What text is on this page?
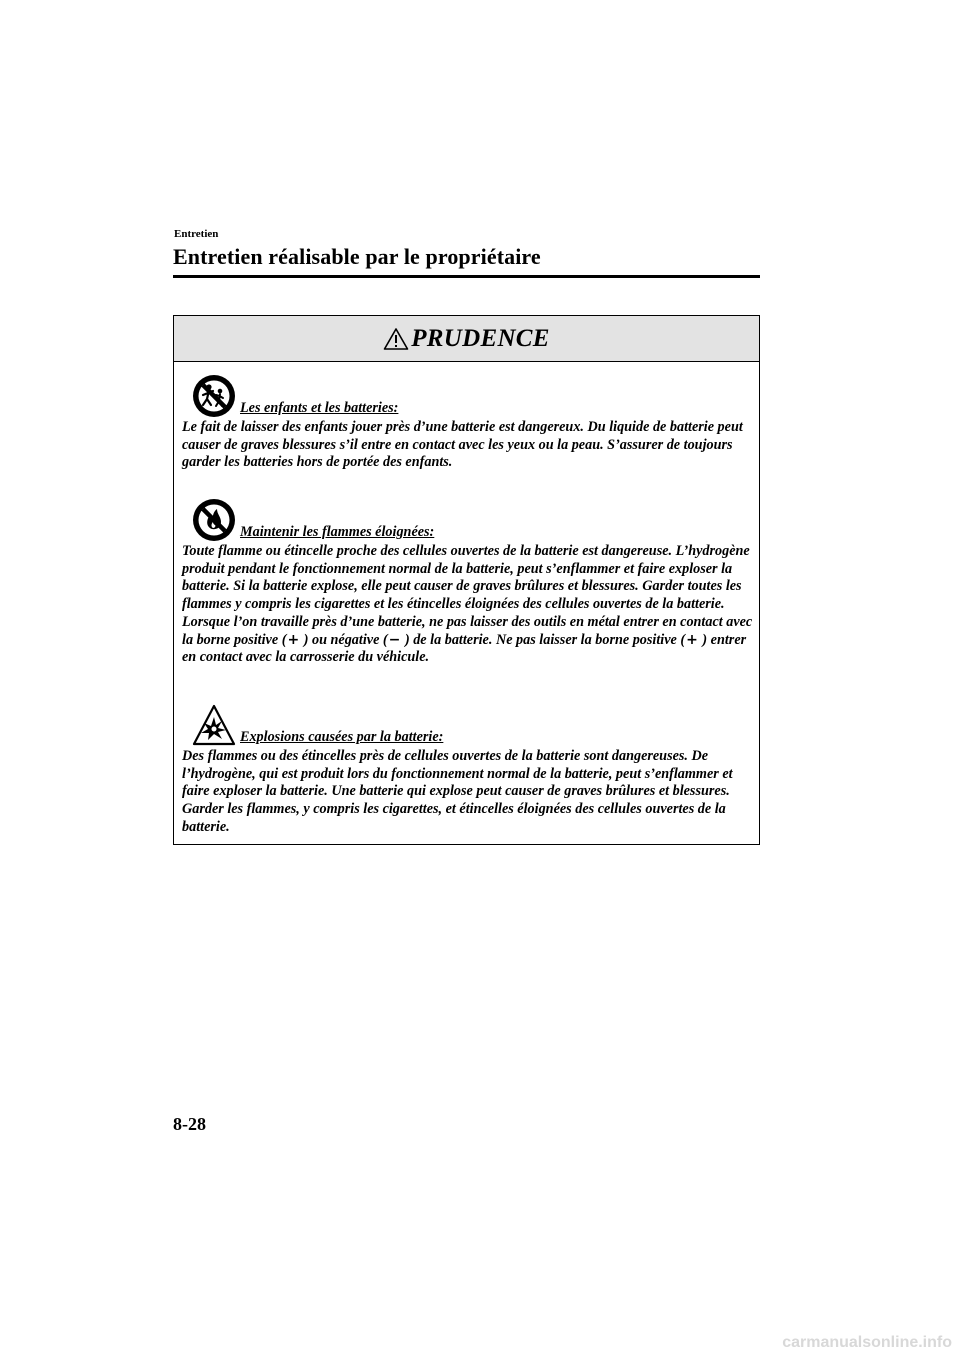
Entretien
Entretien réalisable par le propriétaire
PRUDENCE
Les enfants et les batteries:
Le fait de laisser des enfants jouer près d’une batterie est dangereux. Du liquide de batterie peut causer de graves blessures s’il entre en contact avec les yeux ou la peau. S’assurer de toujours garder les batteries hors de portée des enfants.
Maintenir les flammes éloignées:
Toute flamme ou étincelle proche des cellules ouvertes de la batterie est dangereuse. L’hydrogène produit pendant le fonctionnement normal de la batterie, peut s’enflammer et faire exploser la batterie. Si la batterie explose, elle peut causer de graves brûlures et blessures. Garder toutes les flammes y compris les cigarettes et les étincelles éloignées des cellules ouvertes de la batterie. Lorsque l’on travaille près d’une batterie, ne pas laisser des outils en métal entrer en contact avec la borne positive (+ ) ou négative (− ) de la batterie. Ne pas laisser la borne positive (+ ) entrer en contact avec la carrosserie du véhicule.
Explosions causées par la batterie:
Des flammes ou des étincelles près de cellules ouvertes de la batterie sont dangereuses. De l’hydrogène, qui est produit lors du fonctionnement normal de la batterie, peut s’enflammer et faire exploser la batterie. Une batterie qui explose peut causer de graves brûlures et blessures. Garder les flammes, y compris les cigarettes, et étincelles éloignées des cellules ouvertes de la batterie.
8-28
carmanualsonline.info
